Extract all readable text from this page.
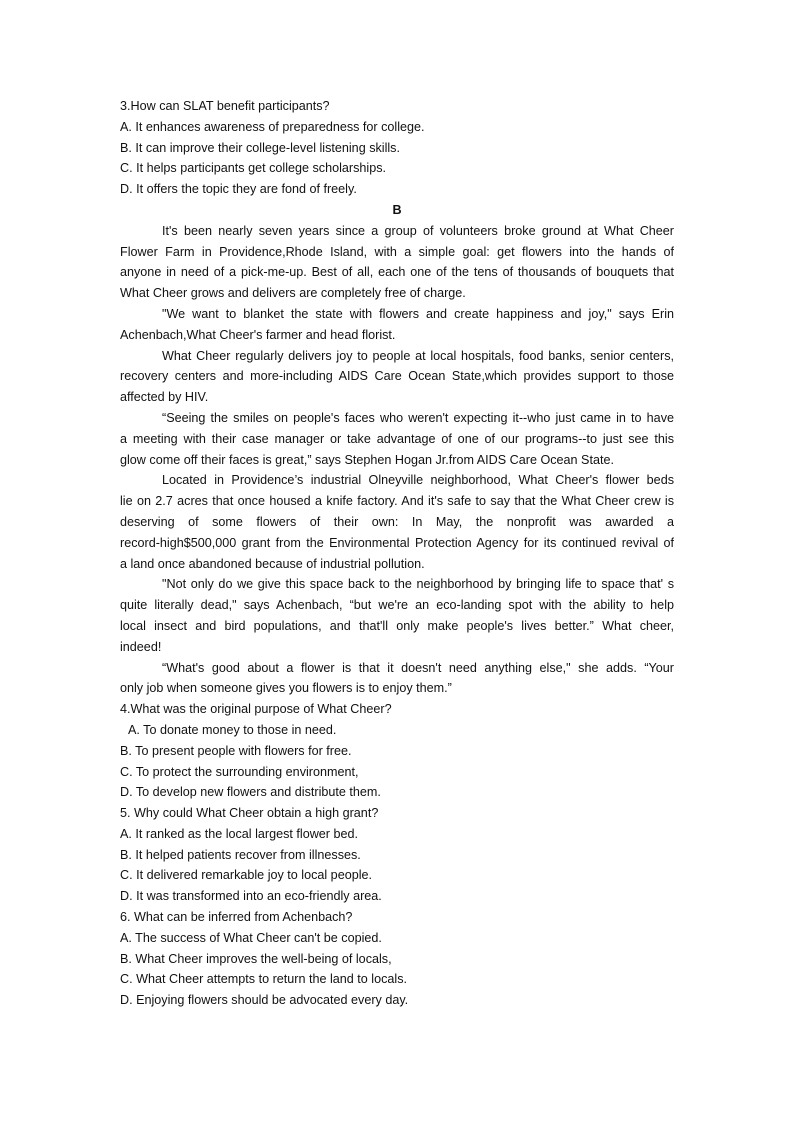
3.How can SLAT benefit participants?
A. It enhances awareness of preparedness for college.
B. It can improve their college-level listening skills.
C. It helps participants get college scholarships.
D. It offers the topic they are fond of freely.
B
It's been nearly seven years since a group of volunteers broke ground at What Cheer
Flower Farm in Providence,Rhode Island, with a simple goal: get flowers into the hands of
anyone in need of a pick-me-up. Best of all, each one of the tens of thousands of bouquets that
What Cheer grows and delivers are completely free of charge.
"We want to blanket the state with flowers and create happiness and joy," says Erin
Achenbach,What Cheer's farmer and head florist.
What Cheer regularly delivers joy to people at local hospitals, food banks, senior centers,
recovery centers and more-including AIDS Care Ocean State,which provides support to those
affected by HIV.
“Seeing the smiles on people's faces who weren't expecting it--who just came in to have
a meeting with their case manager or take advantage of one of our programs--to just see this
glow come off their faces is great,” says Stephen Hogan Jr.from AIDS Care Ocean State.
Located in Providence’s industrial Olneyville neighborhood, What Cheer's flower beds
lie on 2.7 acres that once housed a knife factory. And it's safe to say that the What Cheer crew is
deserving of some flowers of their own: In May, the nonprofit was awarded a
record-high$500,000 grant from the Environmental Protection Agency for its continued revival of
a land once abandoned because of industrial pollution.
"Not only do we give this space back to the neighborhood by bringing life to space that' s
quite literally dead," says Achenbach, “but we're an eco-landing spot with the ability to help
local insect and bird populations, and that'll only make people's lives better.” What cheer,
indeed!
“What's good about a flower is that it doesn't need anything else," she adds. “Your
only job when someone gives you flowers is to enjoy them.”
4.What was the original purpose of What Cheer?
A. To donate money to those in need.
B. To present people with flowers for free.
C. To protect the surrounding environment,
D. To develop new flowers and distribute them.
5. Why could What Cheer obtain a high grant?
A. It ranked as the local largest flower bed.
B. It helped patients recover from illnesses.
C. It delivered remarkable joy to local people.
D. It was transformed into an eco-friendly area.
6. What can be inferred from Achenbach?
A. The success of What Cheer can't be copied.
B. What Cheer improves the well-being of locals,
C. What Cheer attempts to return the land to locals.
D. Enjoying flowers should be advocated every day.
